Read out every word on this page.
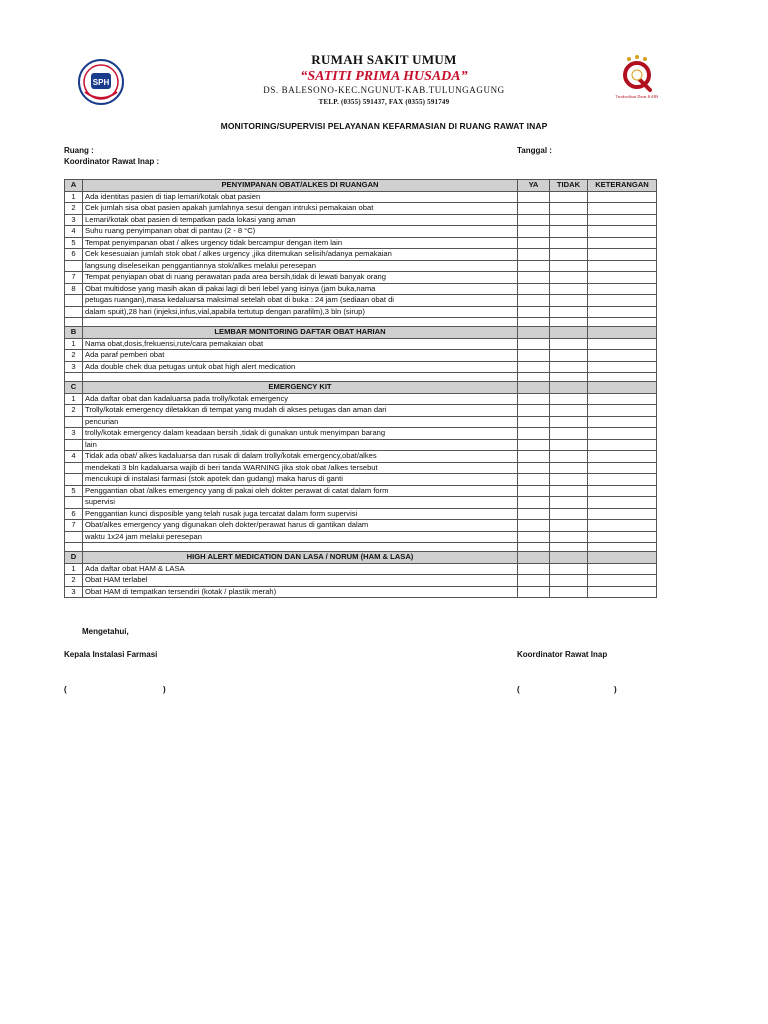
SPH
RUMAH SAKIT UMUM
“SATITI PRIMA HUSADA”
DS. BALESONO-KEC.NGUNUT-KAB.TULUNGAGUNG
TELP. (0355) 591437, FAX (0355) 591749
Terakreditasi Dasar KARS
MONITORING/SUPERVISI PELAYANAN KEFARMASIAN DI RUANG RAWAT INAP
Ruang :
Koordinator Rawat Inap :
Tanggal :
A	PENYIMPANAN OBAT/ALKES DI RUANGAN	YA	TIDAK	KETERANGAN
1	Ada identitas pasien di tiap lemari/kotak obat pasien			
2	Cek jumlah sisa obat pasien apakah jumlahnya sesui dengan intruksi pemakaian obat			
3	Lemari/kotak obat pasien di tempatkan pada lokasi yang aman			
4	Suhu ruang penyimpanan obat di pantau (2 - 8 °C)			
5	Tempat penyimpanan obat / alkes urgency tidak bercampur dengan item lain			
6	Cek kesesuaian jumlah stok obat / alkes urgency ,jika ditemukan selisih/adanya pemakaian			
	langsung diseleseikan penggantiannya stok/alkes melalui peresepan			
7	Tempat penyiapan obat di ruang perawatan pada area bersih,tidak di lewati banyak orang			
8	Obat multidose yang masih akan di pakai lagi di beri lebel yang isinya (jam buka,nama			
	petugas ruangan),masa kedaluarsa maksimal setelah obat di buka : 24 jam (sediaan obat di			
	dalam spuit),28 hari (injeksi,infus,vial,apabila tertutup dengan parafilm),3 bln (sirup)			

B	LEMBAR MONITORING DAFTAR OBAT HARIAN			
1	Nama obat,dosis,frekuensi,rute/cara pemakaian obat			
2	Ada paraf pemberi obat			
3	Ada double chek dua petugas untuk obat high alert medication			

C	EMERGENCY KIT			
1	Ada daftar obat dan kadaluarsa pada trolly/kotak emergency			
2	Trolly/kotak emergency diletakkan di tempat yang mudah di akses petugas dan aman dari			
	pencurian			
3	trolly/kotak emergency dalam keadaan bersih ,tidak di gunakan untuk menyimpan barang			
	lain			
4	Tidak ada obat/ alkes kadaluarsa dan rusak di dalam trolly/kotak emergency,obat/alkes			
	mendekati 3 bln kadaluarsa wajib di beri tanda WARNING jika stok obat /alkes tersebut			
	mencukupi di instalasi farmasi (stok apotek dan gudang) maka harus di ganti			
5	Penggantian obat /alkes emergency yang di pakai oleh dokter perawat di catat dalam form			
	supervisi			
6	Penggantian kunci disposible yang telah rusak juga tercatat dalam form supervisi			
7	Obat/alkes emergency yang digunakan oleh dokter/perawat harus di gantikan dalam			
	waktu 1x24 jam melalui peresepan			

D	HIGH ALERT MEDICATION DAN LASA / NORUM (HAM & LASA)			
1	Ada daftar obat HAM & LASA			
2	Obat HAM terlabel			
3	Obat HAM di tempatkan tersendiri (kotak / plastik merah)			
Mengetahui,
Kepala Instalasi Farmasi	Koordinator Rawat Inap
(	)	(	)
